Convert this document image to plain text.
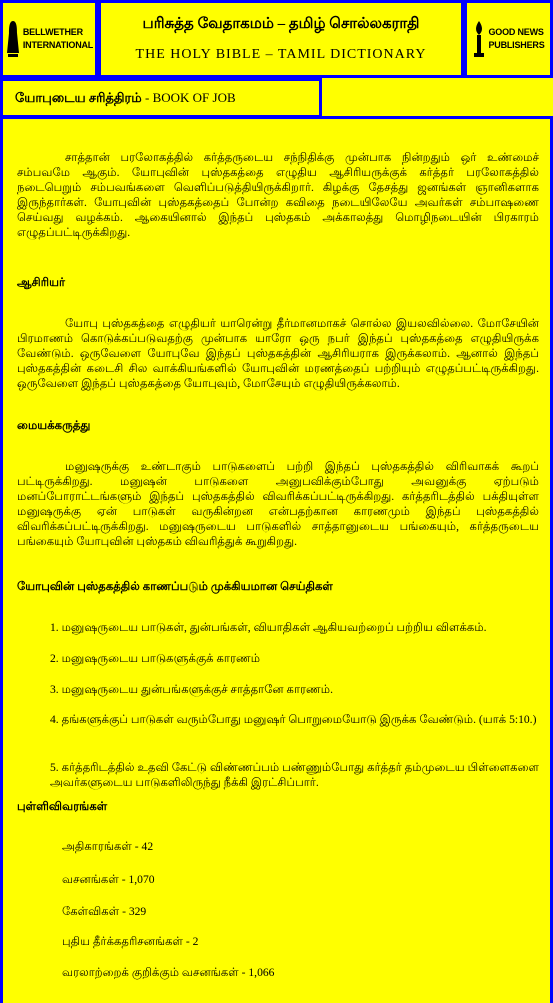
BELLWETHER
INTERNATIONAL
பரிசுத்த வேதாகமம் – தமிழ் சொல்லகராதி
THE HOLY BIBLE – TAMIL DICTIONARY
GOOD NEWS
PUBLISHERS
யோபுடைய சரித்திரம் - BOOK OF JOB
சாத்தான் பரலோகத்தில் கர்த்தருடைய சந்நிதிக்கு முன்பாக நின்றதும் ஒர் உண்மைச் சம்பவமே ஆகும். யோபுவின் புஸ்தகத்தை எழுதிய ஆசிரியருக்குக் கர்த்தர் பரலோகத்தில் நடைபெறும் சம்பவங்களை வெளிப்படுத்தியிருக்கிறார். கிழக்கு தேசத்து ஜனங்கள் ஞானிகளாக இருந்தார்கள். யோபுவின் புஸ்தகத்தைப் போன்ற கவிதை நடையிலேயே அவர்கள் சம்பாஷணை செய்வது வழக்கம். ஆகையினால் இந்தப் புஸ்தகம் அக்காலத்து மொழிநடையின் பிரகாரம் எழுதப்பட்டிருக்கிறது.
ஆசிரியர்
யோபு புஸ்தகத்தை எழுதியர் யாரென்று தீர்மானமாகச் சொல்ல இயலவில்லை. மோசேயின் பிரமாணம் கொடுக்கப்படுவதற்கு முன்பாக யாரோ ஒரு நபர் இந்தப் புஸ்தகத்தை எழுதியிருக்க வேண்டும். ஒருவேளை யோபுவே இந்தப் புஸ்தகத்தின் ஆசிரியராக இருக்கலாம். ஆனால் இந்தப் புஸ்தகத்தின் கடைசி சில வாக்கியங்களில் யோபுவின் மரணத்தைப் பற்றியும் எழுதப்பட்டிருக்கிறது. ஒருவேளை இந்தப் புஸ்தகத்தை யோபுவும், மோசேயும் எழுதியிருக்கலாம்.
மையக்கருத்து
மனுஷருக்கு உண்டாகும் பாடுகளைப் பற்றி இந்தப் புஸ்தகத்தில் விரிவாகக் கூறப் பட்டிருக்கிறது. மனுஷன் பாடுகளை அனுபவிக்கும்போது அவனுக்கு ஏற்படும் மனப்போராட்டங்களும் இந்தப் புஸ்தகத்தில் விவரிக்கப்பட்டிருக்கிறது. கர்த்தரிடத்தில் பக்தியுள்ள மனுஷருக்கு ஏன் பாடுகள் வருகின்றன என்பதற்கான காரணமும் இந்தப் புஸ்தகத்தில் விவரிக்கப்பட்டிருக்கிறது. மனுஷருடைய பாடுகளில் சாத்தானுடைய பங்கையும், கர்த்தருடைய பங்கையும் யோபுவின் புஸ்தகம் விவரித்துக் கூறுகிறது.
யோபுவின் புஸ்தகத்தில் காணப்படும் முக்கியமான செய்திகள்
1. மனுஷருடைய பாடுகள், துன்பங்கள், வியாதிகள் ஆகியவற்றைப் பற்றிய விளக்கம்.
2. மனுஷருடைய பாடுகளுக்குக் காரணம்
3. மனுஷருடைய துன்பங்களுக்குச் சாத்தானே காரணம்.
4. தங்களுக்குப் பாடுகள் வரும்போது மனுஷர் பொறுமையோடு இருக்க வேண்டும். (யாக் 5:10.)
5. கர்த்தரிடத்தில் உதவி கேட்டு விண்ணப்பம் பண்ணும்போது கர்த்தர் தம்முடைய பிள்ளைகளை அவர்களுடைய பாடுகளிலிருந்து நீக்கி இரட்சிப்பார்.
புள்ளிவிவரங்கள்
அதிகாரங்கள் - 42
வசனங்கள் - 1,070
கேள்விகள் - 329
புதிய தீர்க்கதரிசனங்கள் - 2
வரலாற்றைக் குறிக்கும் வசனங்கள் - 1,066
